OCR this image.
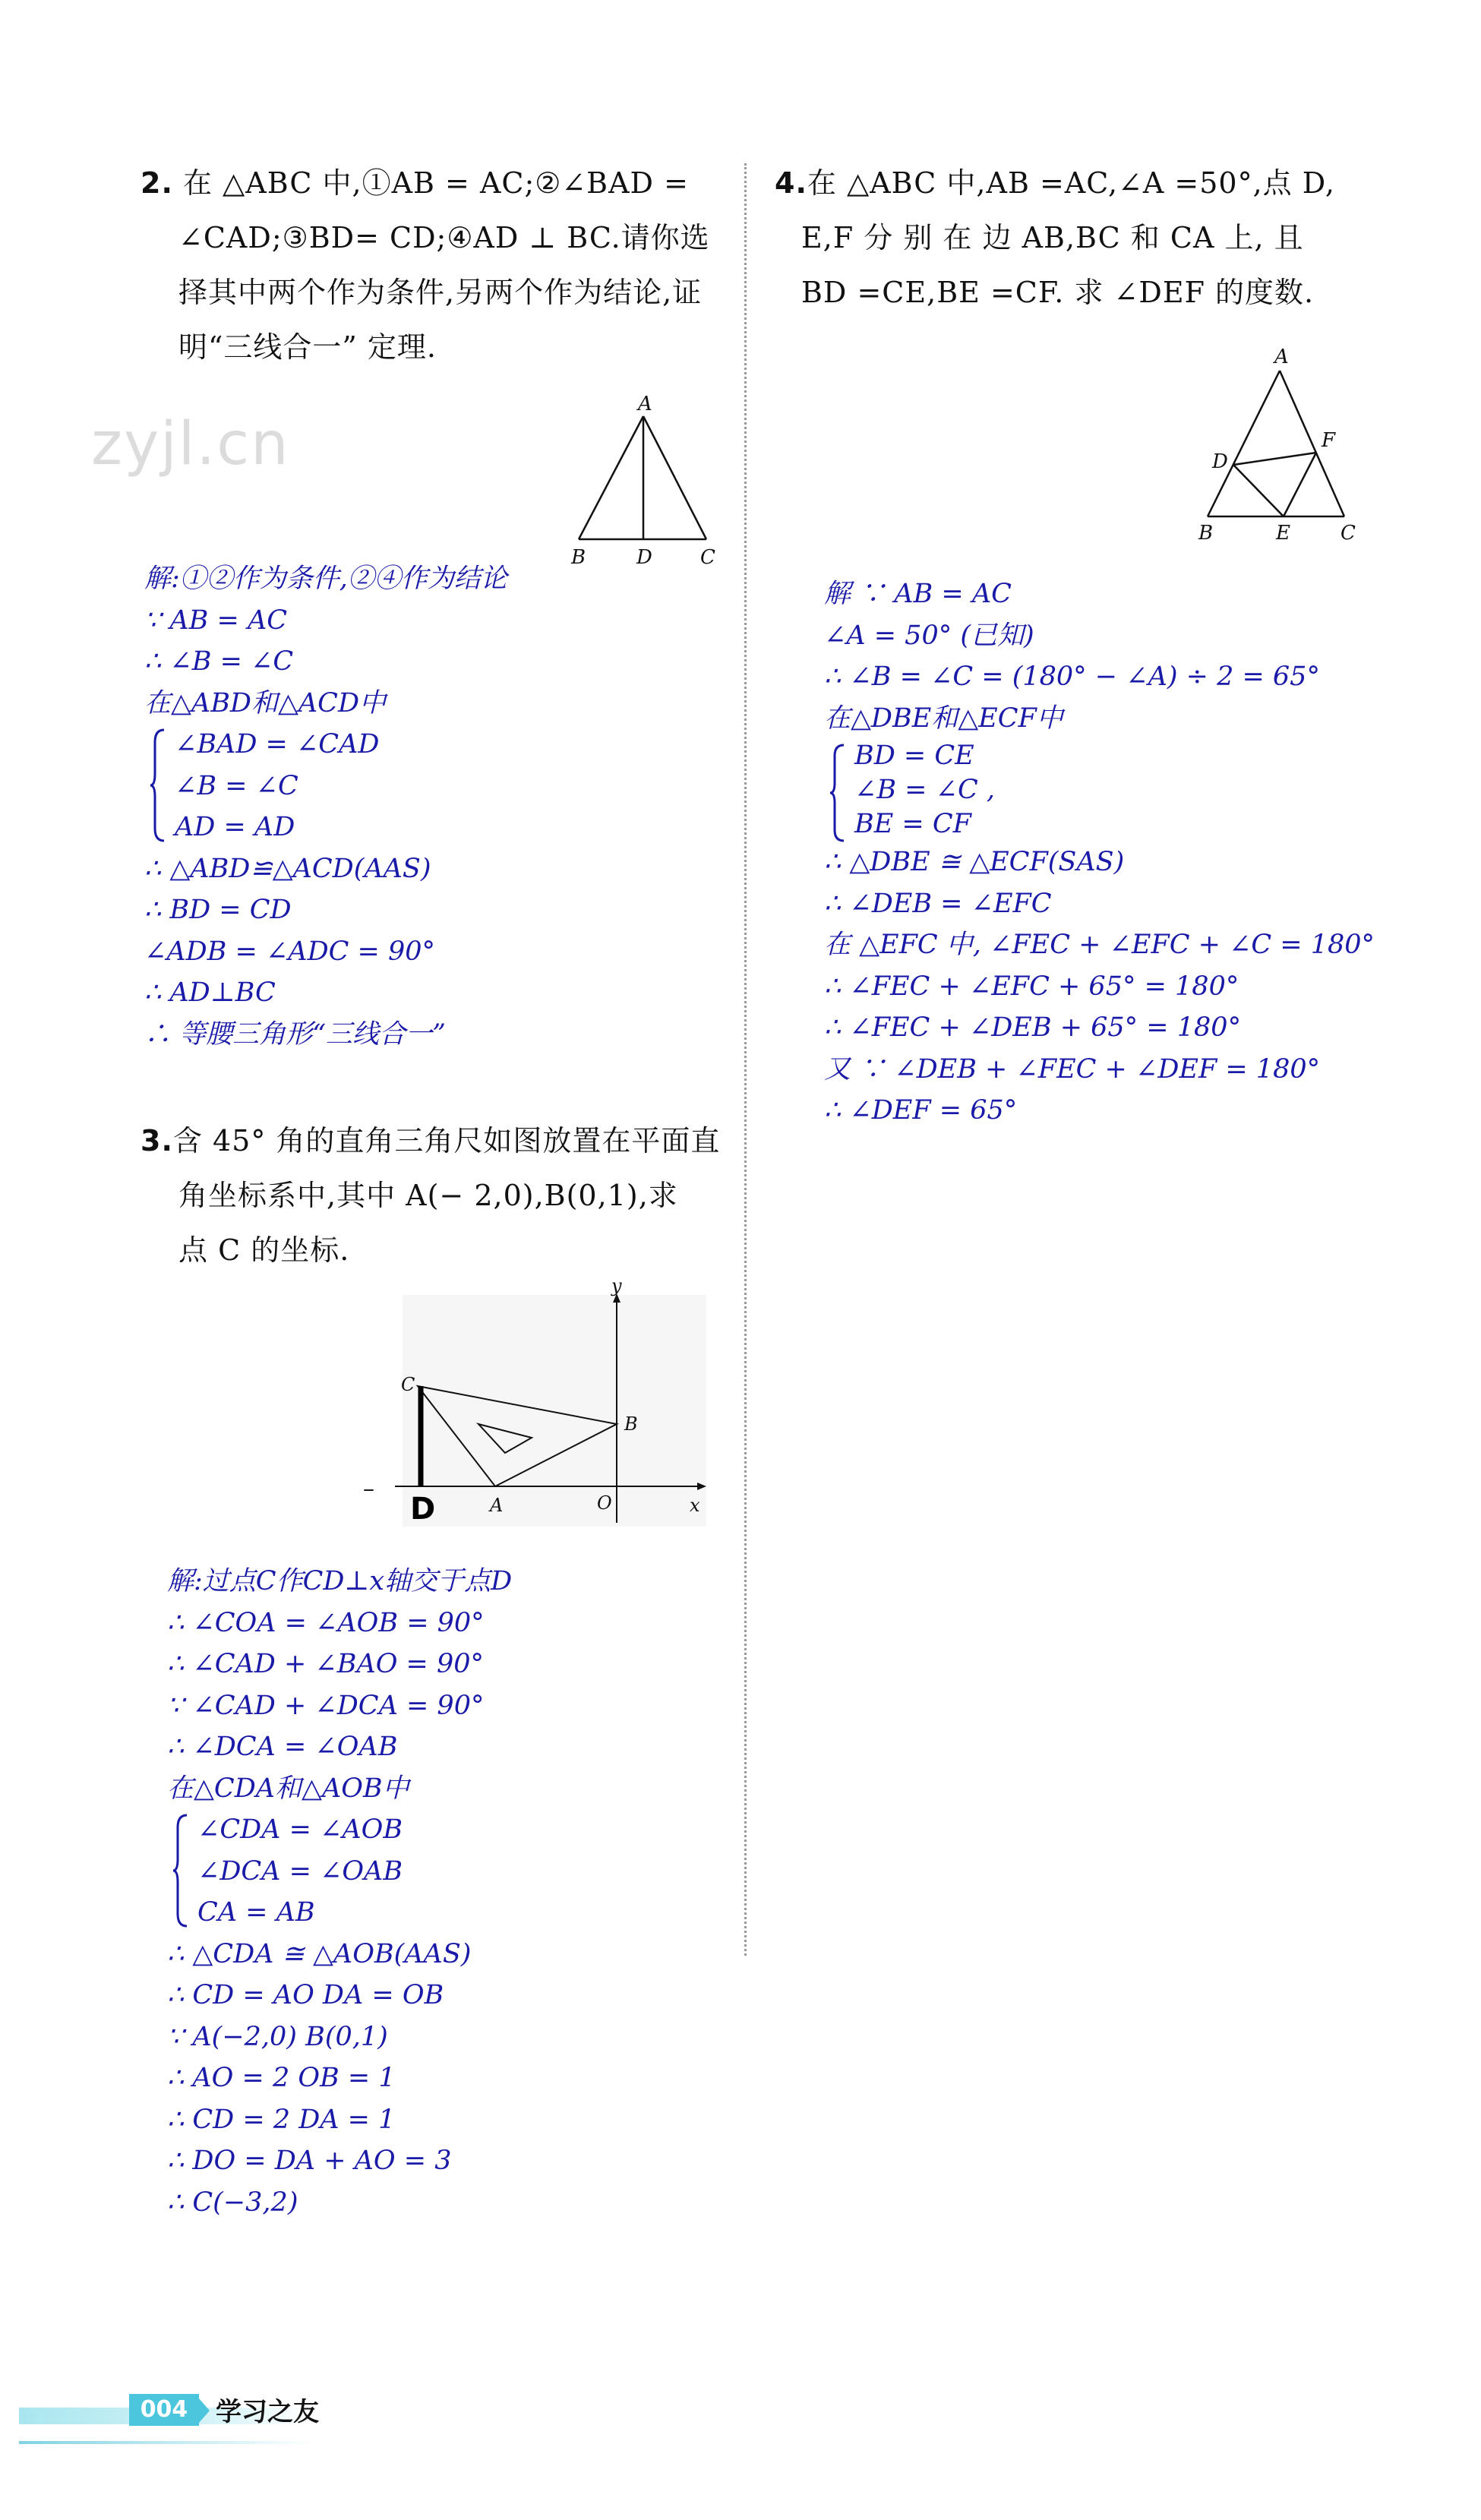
zyjl.cn
2. 在 △ABC 中,①AB = AC;②∠BAD =
∠CAD;③BD= CD;④AD ⊥ BC.请你选
择其中两个作为条件,另两个作为结论,证
明“三线合一” 定理.
A
B	D C
解:①②作为条件,②④作为结论
∵ AB = AC
∴ ∠B = ∠C
在△ABD和△ACD中
∠BAD = ∠CAD
∠B = ∠C
AD = AD
∴ △ABD≌△ACD(AAS)
∴ BD = CD
∠ADB = ∠ADC = 90°
∴ AD⊥BC
∴ 等腰三角形“三线合一”
3.含 45° 角的直角三角尺如图放置在平面直
角坐标系中,其中 A(− 2,0),B(0,1),求
点 C 的坐标.
y
x
C
B
O
A
D
–
解:过点C作CD⊥x轴交于点D
∴ ∠COA = ∠AOB = 90°
∴ ∠CAD + ∠BAO = 90°
∵ ∠CAD + ∠DCA = 90°
∴ ∠DCA = ∠OAB
在△CDA和△AOB中
∠CDA = ∠AOB
∠DCA = ∠OAB
CA = AB
∴ △CDA ≅ △AOB(AAS)
∴ CD = AO DA = OB
∵ A(−2,0) B(0,1)
∴ AO = 2 OB = 1
∴ CD = 2 DA = 1
∴ DO = DA + AO = 3
∴ C(−3,2)
4.在 △ABC 中,AB =AC,∠A =50°,点 D,
E,F 分 别 在 边 AB,BC 和 CA 上, 且
BD =CE,BE =CF. 求 ∠DEF 的度数.
A
F
D
B	E	C
解 ∵ AB = AC
∠A = 50° (已知)
∴ ∠B = ∠C = (180° − ∠A) ÷ 2 = 65°
在△DBE和△ECF中
BD = CE
∠B = ∠C ,
BE = CF
∴ △DBE ≅ △ECF(SAS)
∴ ∠DEB = ∠EFC
在 △EFC 中, ∠FEC + ∠EFC + ∠C = 180°
∴ ∠FEC + ∠EFC + 65° = 180°
∴ ∠FEC + ∠DEB + 65° = 180°
又 ∵ ∠DEB + ∠FEC + ∠DEF = 180°
∴ ∠DEF = 65°
004	学习之友
